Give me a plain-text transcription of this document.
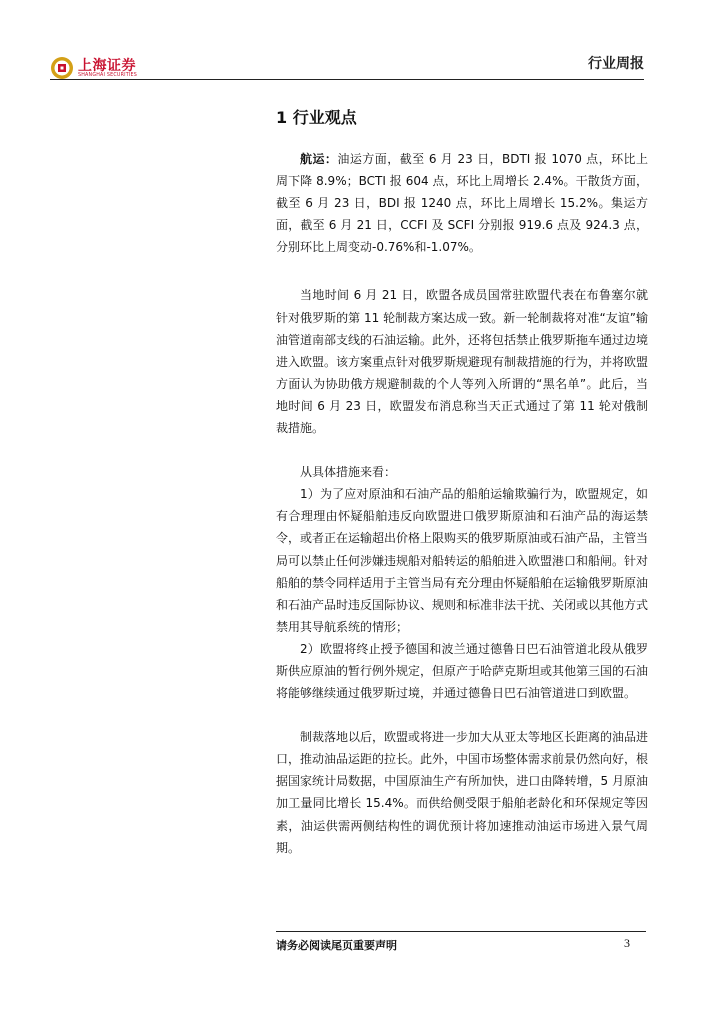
上海证券
SHANGHAI SECURITIES
行业周报
1 行业观点

航运：油运方面，截至 6 月 23 日，BDTI 报 1070 点，环比上周下降 8.9%；BCTI 报 604 点，环比上周增长 2.4%。干散货方面，截至 6 月 23 日，BDI 报 1240 点，环比上周增长 15.2%。集运方面，截至 6 月 21 日，CCFI 及 SCFI 分别报 919.6 点及 924.3 点，分别环比上周变动-0.76%和-1.07%。

当地时间 6 月 21 日，欧盟各成员国常驻欧盟代表在布鲁塞尔就针对俄罗斯的第 11 轮制裁方案达成一致。新一轮制裁将对准“友谊”输油管道南部支线的石油运输。此外，还将包括禁止俄罗斯拖车通过边境进入欧盟。该方案重点针对俄罗斯规避现有制裁措施的行为，并将欧盟方面认为协助俄方规避制裁的个人等列入所谓的“黑名单”。此后，当地时间 6 月 23 日，欧盟发布消息称当天正式通过了第 11 轮对俄制裁措施。

从具体措施来看：

1）为了应对原油和石油产品的船舶运输欺骗行为，欧盟规定，如有合理理由怀疑船舶违反向欧盟进口俄罗斯原油和石油产品的海运禁令，或者正在运输超出价格上限购买的俄罗斯原油或石油产品，主管当局可以禁止任何涉嫌违规船对船转运的船舶进入欧盟港口和船闸。针对船舶的禁令同样适用于主管当局有充分理由怀疑船舶在运输俄罗斯原油和石油产品时违反国际协议、规则和标准非法干扰、关闭或以其他方式禁用其导航系统的情形；

2）欧盟将终止授予德国和波兰通过德鲁日巴石油管道北段从俄罗斯供应原油的暂行例外规定，但原产于哈萨克斯坦或其他第三国的石油将能够继续通过俄罗斯过境，并通过德鲁日巴石油管道进口到欧盟。

制裁落地以后，欧盟或将进一步加大从亚太等地区长距离的油品进口，推动油品运距的拉长。此外，中国市场整体需求前景仍然向好，根据国家统计局数据，中国原油生产有所加快，进口由降转增，5 月原油加工量同比增长 15.4%。而供给侧受限于船舶老龄化和环保规定等因素，油运供需两侧结构性的调优预计将加速推动油运市场进入景气周期。

请务必阅读尾页重要声明	3
